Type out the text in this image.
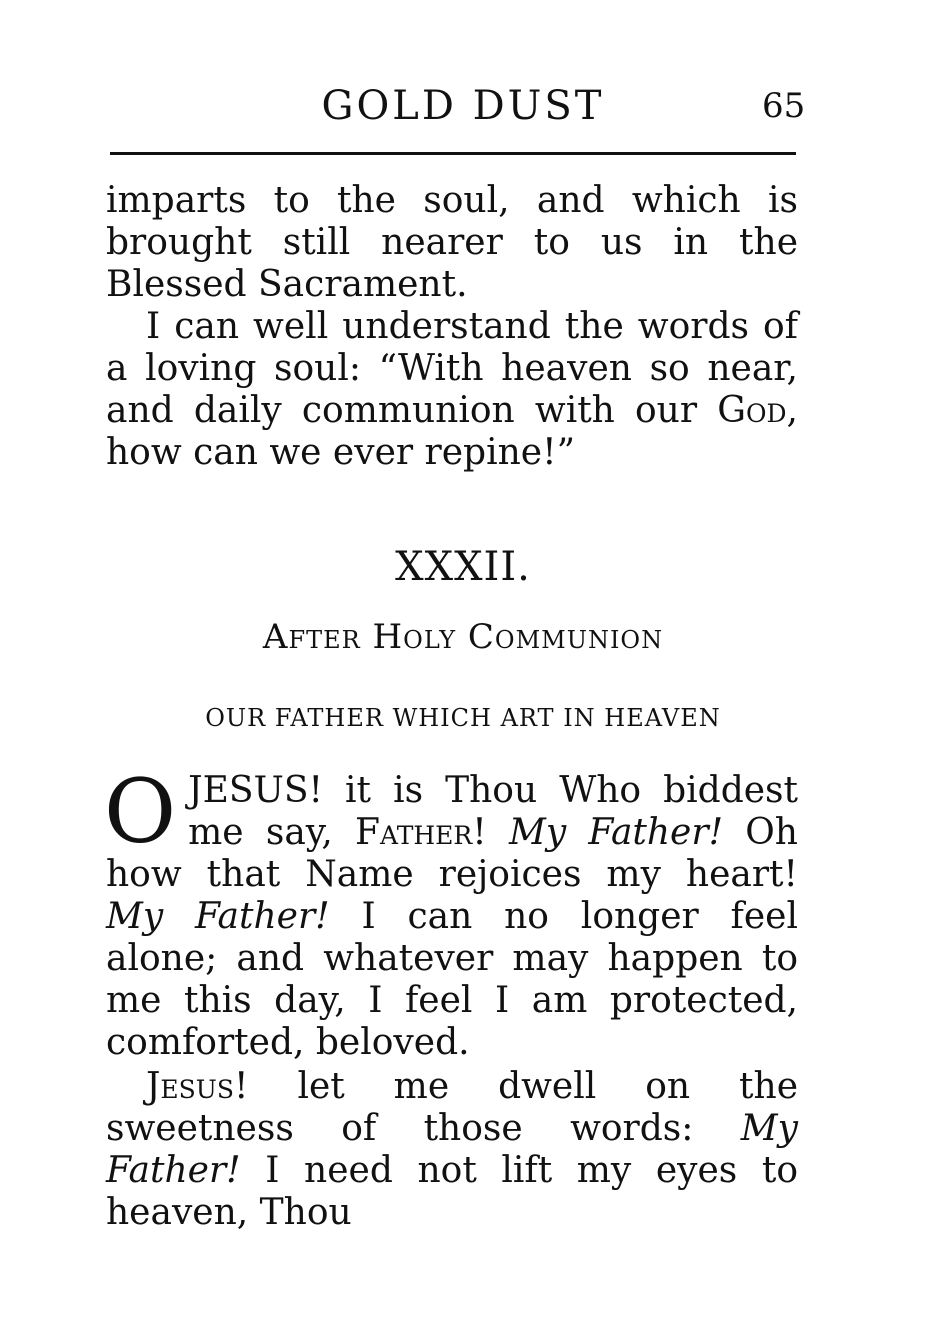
GOLD DUST	65

imparts to the soul, and which is brought still nearer to us in the Blessed Sacrament.

I can well understand the words of a loving soul: “With heaven so near, and daily communion with our God, how can we ever repine!”

XXXII.
After Holy Communion
OUR FATHER WHICH ART IN HEAVEN

OJESUS! it is Thou Who biddest me say, Father! My Father! Oh how that Name rejoices my heart! My Father! I can no longer feel alone; and whatever may happen to me this day, I feel I am protected, comforted, beloved.

Jesus! let me dwell on the sweetness of those words: My Father! I need not lift my eyes to heaven, Thou
